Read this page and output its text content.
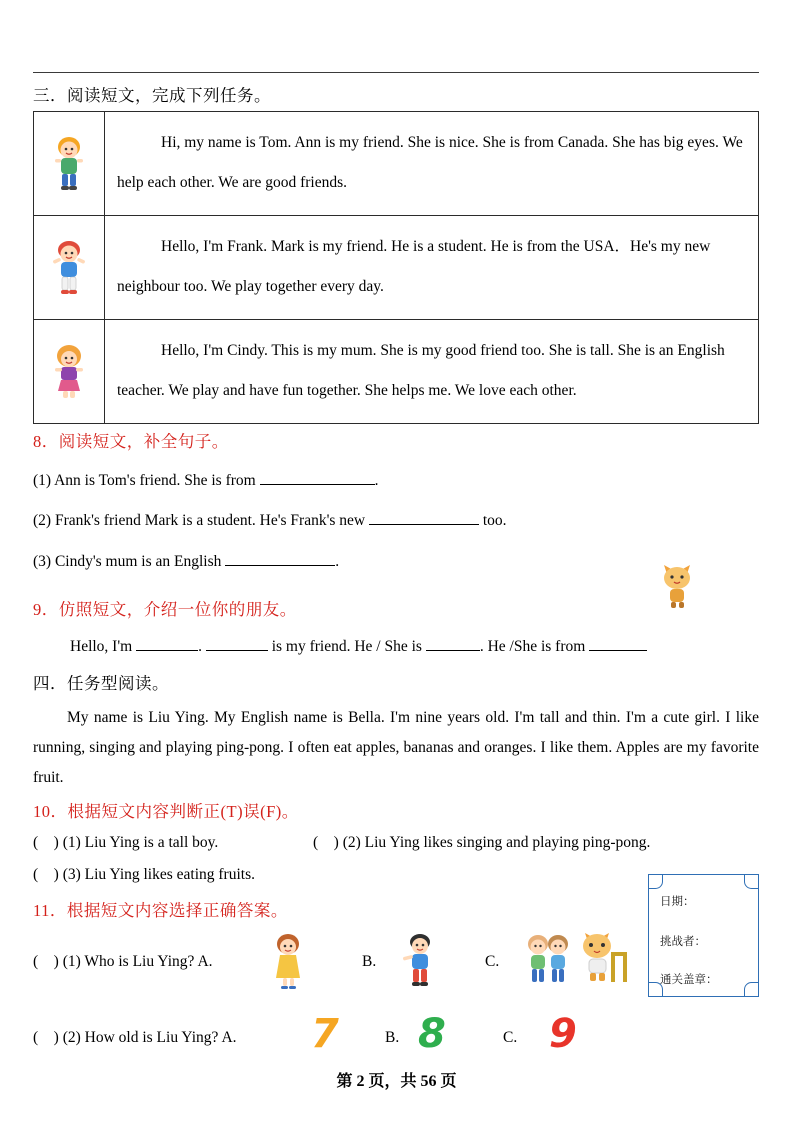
三．阅读短文，完成下列任务。
Hi, my name is Tom. Ann is my friend. She is nice. She is from Canada. She has big eyes. We help each other. We are good friends.
Hello, I'm Frank. Mark is my friend. He is a student. He is from the USA．He's my new neighbour too. We play together every day.
Hello, I'm Cindy. This is my mum. She is my good friend too. She is tall. She is an English teacher. We play and have fun together. She helps me. We love each other.
8．阅读短文，补全句子。
(1) Ann is Tom's friend. She is from	.
(2) Frank's friend Mark is a student. He's Frank's new	too.
(3) Cindy's mum is an English	.
9．仿照短文，介绍一位你的朋友。
Hello, I'm	.	is my friend. He / She is	. He /She is from
四．任务型阅读。
My name is Liu Ying. My English name is Bella. I'm nine years old. I'm tall and thin. I'm a cute girl. I like running, singing and playing ping-pong. I often eat apples, bananas and oranges. I like them. Apples are my favorite fruit.
10．根据短文内容判断正(T)误(F)。
(    ) (1) Liu Ying is a tall boy.	(    ) (2) Liu Ying likes singing and playing ping-pong.
(    ) (3) Liu Ying likes eating fruits.
11．根据短文内容选择正确答案。
(    ) (1) Who is Liu Ying? A.	B.	C.
(    ) (2) How old is Liu Ying? A.	B.	C.
7 8	9
日期：
挑战者：
通关盖章：
第 2 页，共 56 页
